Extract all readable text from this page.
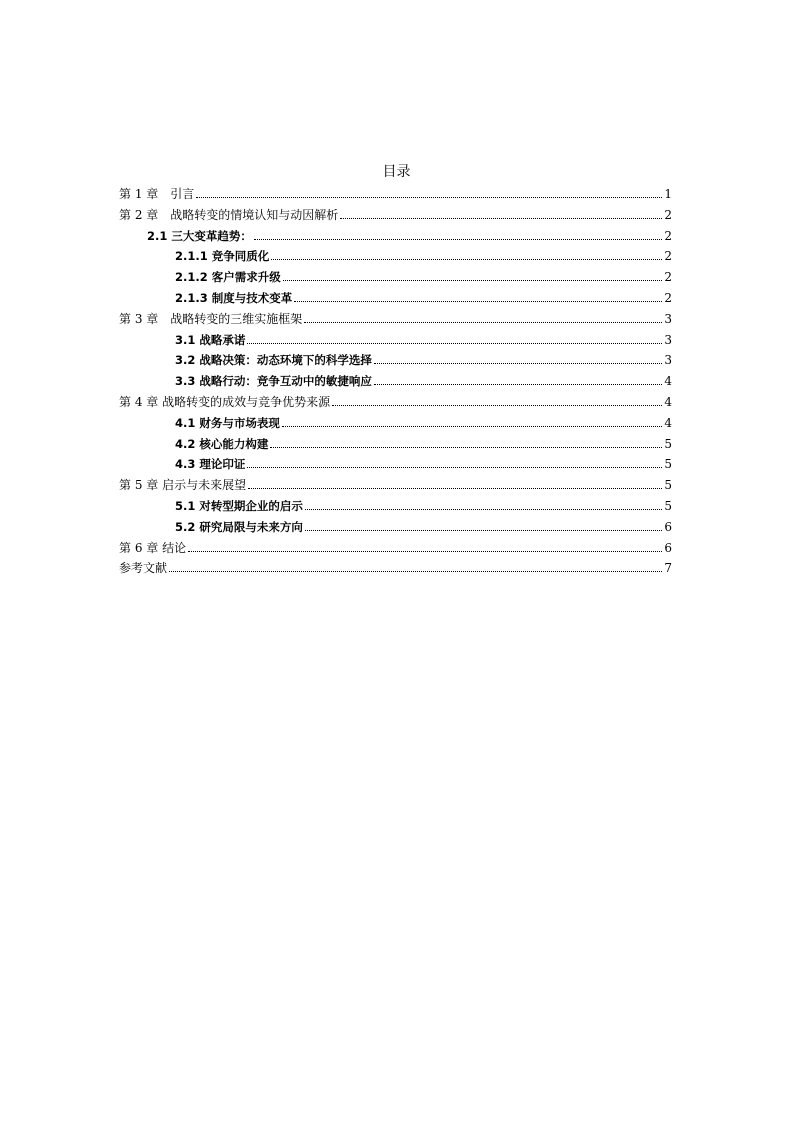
目录
第 1 章　引言	1
第 2 章　战略转变的情境认知与动因解析	2
2.1 三大变革趋势：	2
2.1.1 竞争同质化	2
2.1.2 客户需求升级	2
2.1.3 制度与技术变革	2
第 3 章　战略转变的三维实施框架	3
3.1 战略承诺	3
3.2 战略决策：动态环境下的科学选择	3
3.3 战略行动：竞争互动中的敏捷响应	4
第 4 章 战略转变的成效与竞争优势来源	4
4.1 财务与市场表现	4
4.2 核心能力构建	5
4.3 理论印证	5
第 5 章 启示与未来展望	5
5.1 对转型期企业的启示	5
5.2 研究局限与未来方向	6
第 6 章 结论	6
参考文献	7
